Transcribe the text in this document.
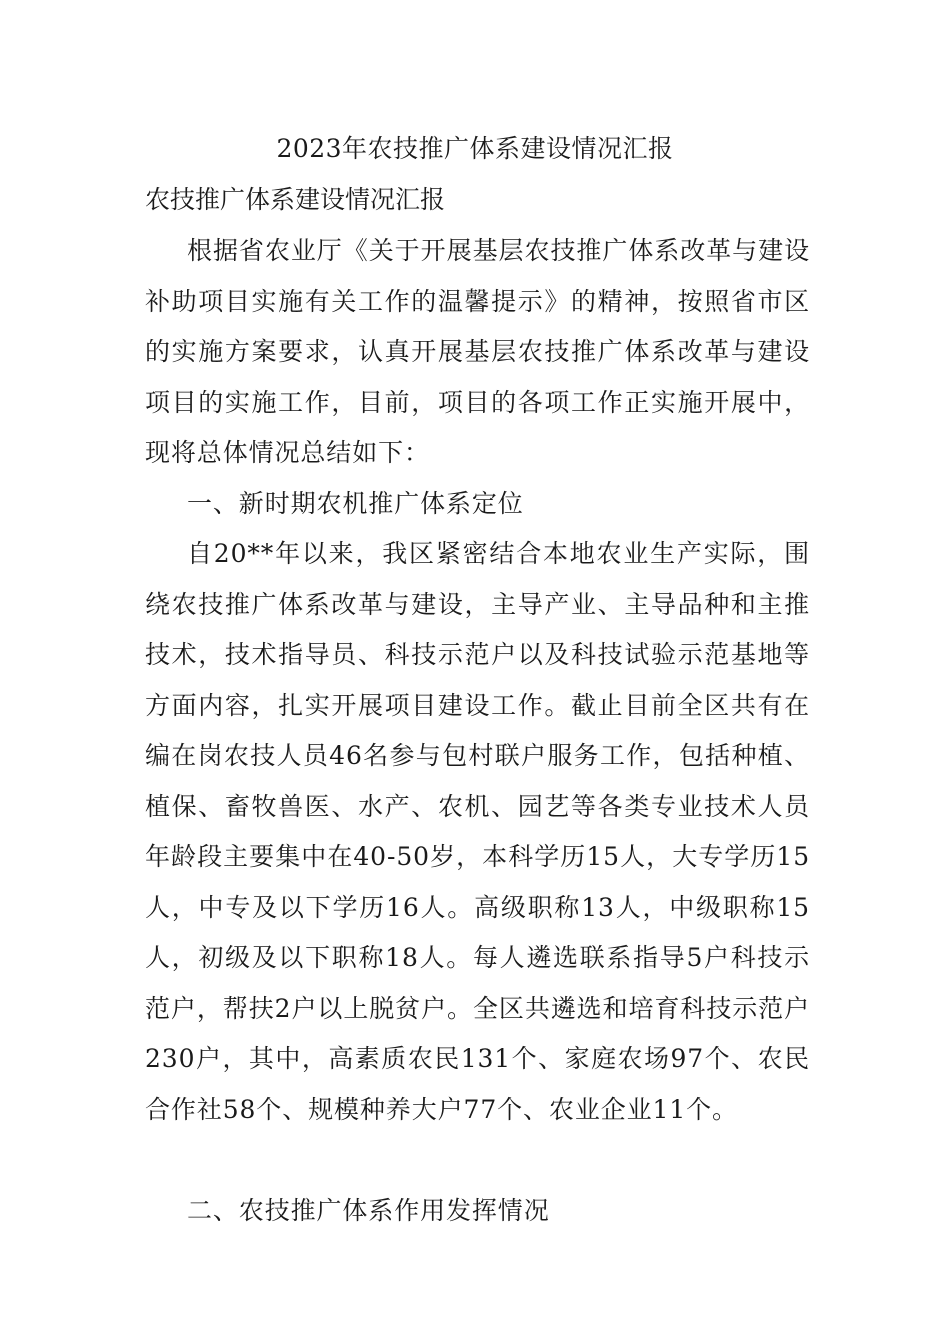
2023年农技推广体系建设情况汇报
农技推广体系建设情况汇报

根据省农业厅《关于开展基层农技推广体系改革与建设补助项目实施有关工作的温馨提示》的精神，按照省市区的实施方案要求，认真开展基层农技推广体系改革与建设项目的实施工作，目前，项目的各项工作正实施开展中，现将总体情况总结如下：

一、新时期农机推广体系定位

自20**年以来，我区紧密结合本地农业生产实际，围绕农技推广体系改革与建设，主导产业、主导品种和主推技术，技术指导员、科技示范户以及科技试验示范基地等方面内容，扎实开展项目建设工作。截止目前全区共有在编在岗农技人员46名参与包村联户服务工作，包括种植、植保、畜牧兽医、水产、农机、园艺等各类专业技术人员年龄段主要集中在40-50岁，本科学历15人，大专学历15人，中专及以下学历16人。高级职称13人，中级职称15人，初级及以下职称18人。每人遴选联系指导5户科技示范户，帮扶2户以上脱贫户。全区共遴选和培育科技示范户230户，其中，高素质农民131个、家庭农场97个、农民合作社58个、规模种养大户77个、农业企业11个。

二、农技推广体系作用发挥情况
